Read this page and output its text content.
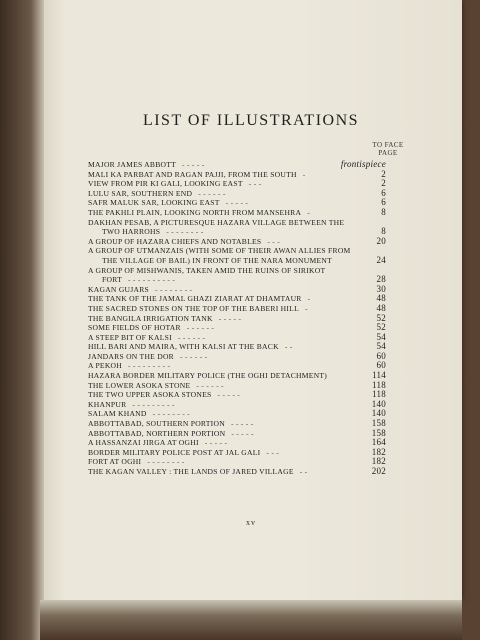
LIST OF ILLUSTRATIONS
TO FACE
PAGE
MAJOR JAMES ABBOTT - - - - -	frontispiece
MALI KA PARBAT AND RAGAN PAJJI, FROM THE SOUTH -	2
VIEW FROM PIR KI GALI, LOOKING EAST - - -	2
LULU SAR, SOUTHERN END - - - - - -	6
SAFR MALUK SAR, LOOKING EAST - - - - -	6
THE PAKHLI PLAIN, LOOKING NORTH FROM MANSEHRA -	8
DAKHAN PESAB, A PICTURESQUE HAZARA VILLAGE BETWEEN THE
TWO HARROHS - - - - - - - -	8
A GROUP OF HAZARA CHIEFS AND NOTABLES - - -	20
A GROUP OF UTMANZAIS (WITH SOME OF THEIR AWAN ALLIES FROM
THE VILLAGE OF BAIL) IN FRONT OF THE NARA MONUMENT	24
A GROUP OF MISHWANIS, TAKEN AMID THE RUINS OF SIRIKOT
FORT - - - - - - - - - -	28
KAGAN GUJARS - - - - - - - -	30
THE TANK OF THE JAMAL GHAZI ZIARAT AT DHAMTAUR -	48
THE SACRED STONES ON THE TOP OF THE BABERI HILL -	48
THE BANGILA IRRIGATION TANK - - - - -	52
SOME FIELDS OF HOTAR - - - - - -	52
A STEEP BIT OF KALSI - - - - - -	54
HILL BARI AND MAIRA, WITH KALSI AT THE BACK - -	54
JANDARS ON THE DOR - - - - - -	60
A PEKOH - - - - - - - - -	60
HAZARA BORDER MILITARY POLICE (THE OGHI DETACHMENT)	114
THE LOWER ASOKA STONE - - - - - -	118
THE TWO UPPER ASOKA STONES - - - - -	118
KHANPUR - - - - - - - - -	140
SALAM KHAND - - - - - - - -	140
ABBOTTABAD, SOUTHERN PORTION - - - - -	158
ABBOTTABAD, NORTHERN PORTION - - - - -	158
A HASSANZAI JIRGA AT OGHI - - - - -	164
BORDER MILITARY POLICE POST AT JAL GALI - - -	182
FORT AT OGHI - - - - - - - -	182
THE KAGAN VALLEY : THE LANDS OF JARED VILLAGE - -	202
xv
